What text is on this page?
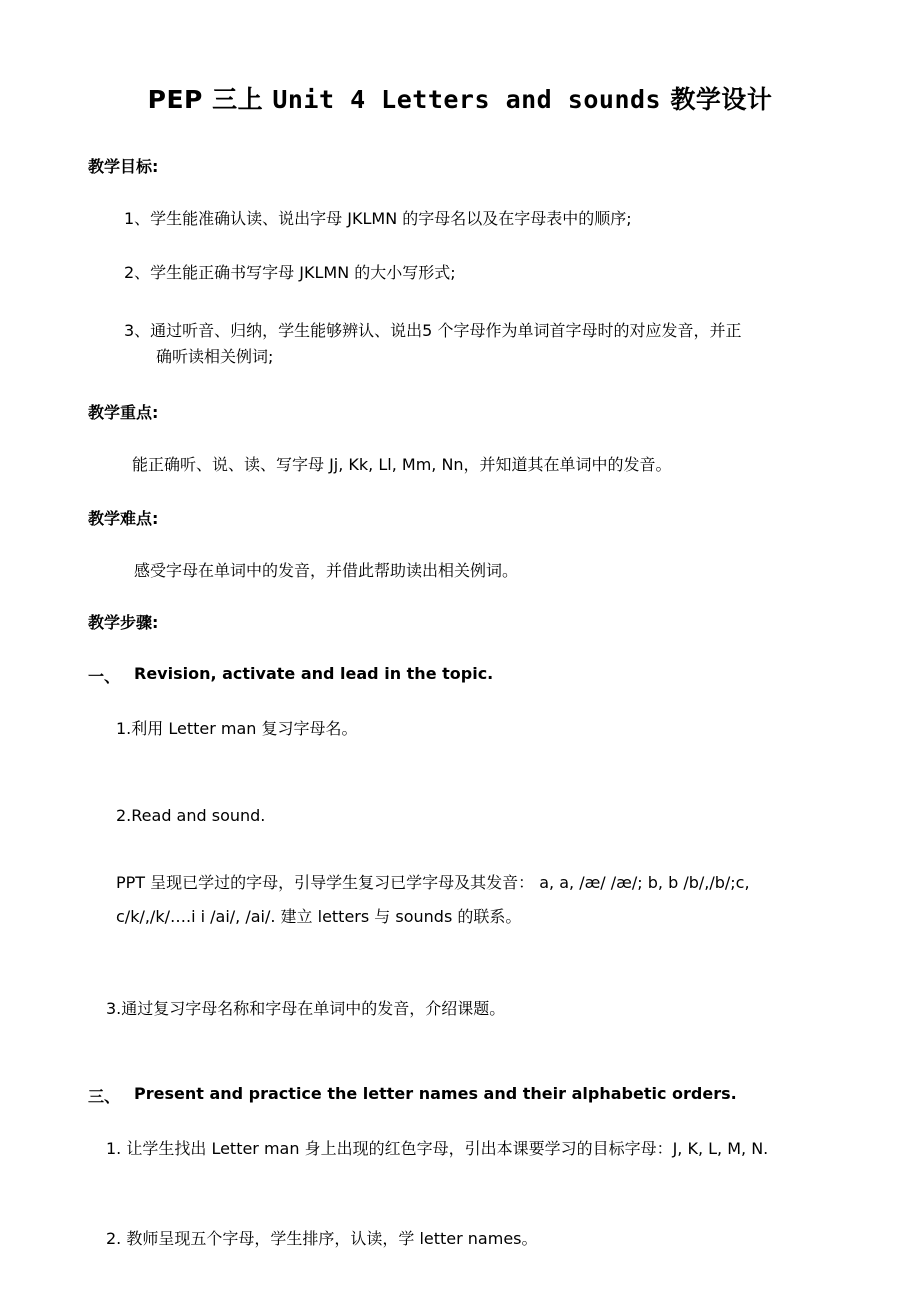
PEP 三上 Unit 4 Letters and sounds 教学设计
教学目标:
1、学生能准确认读、说出字母 JKLMN 的字母名以及在字母表中的顺序;
2、学生能正确书写字母 JKLMN 的大小写形式;
3、通过听音、归纳，学生能够辨认、说出5 个字母作为单词首字母时的对应发音，并正
确听读相关例词;
教学重点:
能正确听、说、读、写字母 Jj, Kk, Ll, Mm, Nn，并知道其在单词中的发音。
教学难点:
感受字母在单词中的发音，并借此帮助读出相关例词。
教学步骤:
一、 Revision, activate and lead in the topic.
1.利用 Letter man 复习字母名。
2.Read and sound.
PPT 呈现已学过的字母，引导学生复习已学字母及其发音： a, a, /æ/ /æ/; b, b /b/,/b/;c,
c/k/,/k/….i i /ai/, /ai/. 建立 letters 与 sounds 的联系。
3.通过复习字母名称和字母在单词中的发音，介绍课题。
三、 Present and practice the letter names and their alphabetic orders.
1. 让学生找出 Letter man 身上出现的红色字母，引出本课要学习的目标字母：J, K, L, M, N.
2. 教师呈现五个字母，学生排序，认读，学 letter names。
